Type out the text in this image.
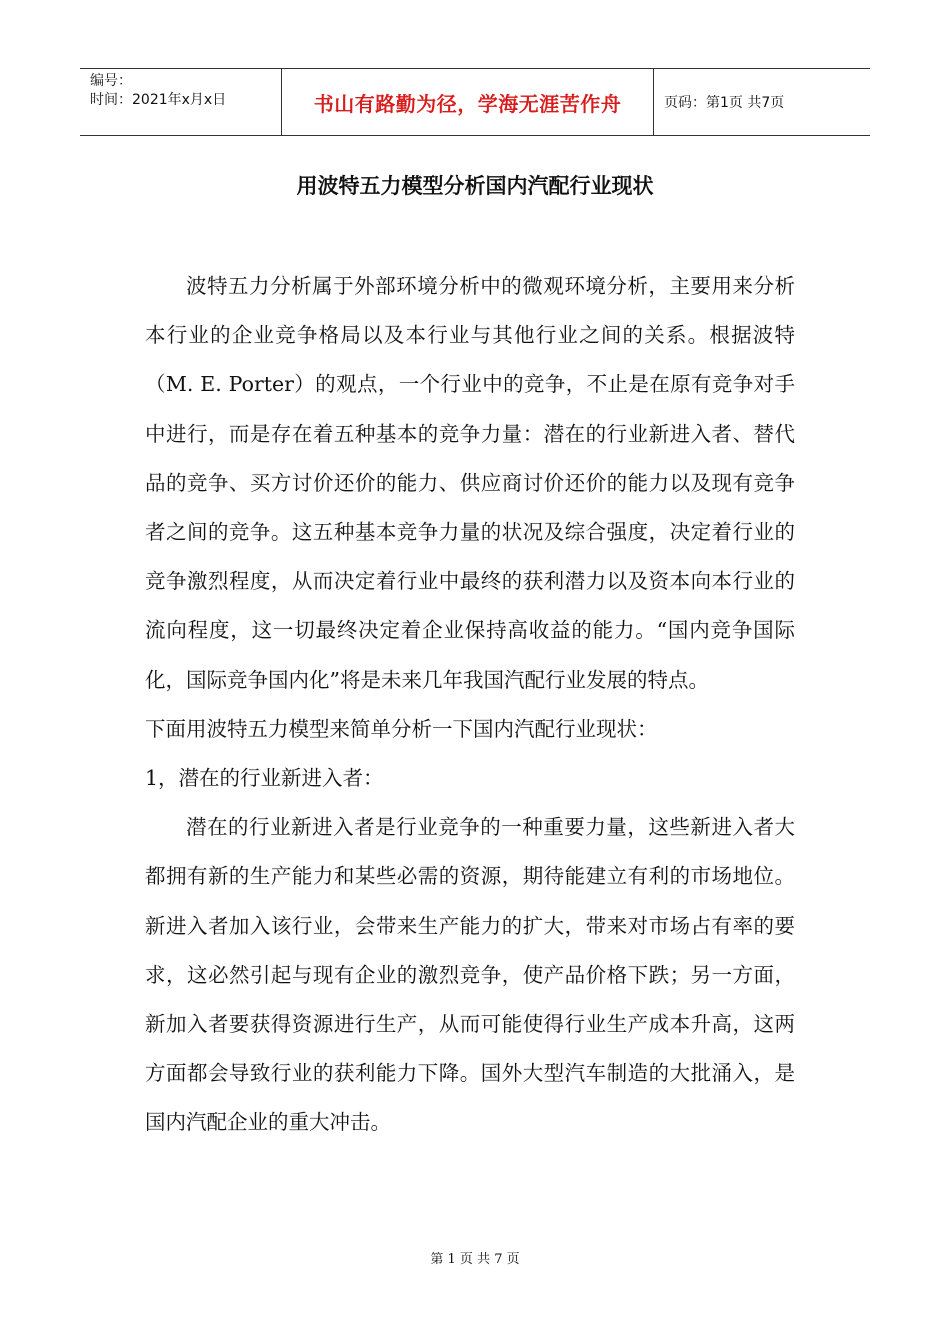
编号：
时间：2021年x月x日	书山有路勤为径，学海无涯苦作舟	页码：第1页 共7页
用波特五力模型分析国内汽配行业现状

波特五力分析属于外部环境分析中的微观环境分析，主要用来分析本行业的企业竞争格局以及本行业与其他行业之间的关系。根据波特（M. E. Porter）的观点，一个行业中的竞争，不止是在原有竞争对手中进行，而是存在着五种基本的竞争力量：潜在的行业新进入者、替代品的竞争、买方讨价还价的能力、供应商讨价还价的能力以及现有竞争者之间的竞争。这五种基本竞争力量的状况及综合强度，决定着行业的竞争激烈程度，从而决定着行业中最终的获利潜力以及资本向本行业的流向程度，这一切最终决定着企业保持高收益的能力。“国内竞争国际化，国际竞争国内化”将是未来几年我国汽配行业发展的特点。

下面用波特五力模型来简单分析一下国内汽配行业现状：

1，潜在的行业新进入者：

潜在的行业新进入者是行业竞争的一种重要力量，这些新进入者大都拥有新的生产能力和某些必需的资源，期待能建立有利的市场地位。新进入者加入该行业，会带来生产能力的扩大，带来对市场占有率的要求，这必然引起与现有企业的激烈竞争，使产品价格下跌；另一方面，新加入者要获得资源进行生产，从而可能使得行业生产成本升高，这两方面都会导致行业的获利能力下降。国外大型汽车制造的大批涌入，是国内汽配企业的重大冲击。

第 1 页 共 7 页
